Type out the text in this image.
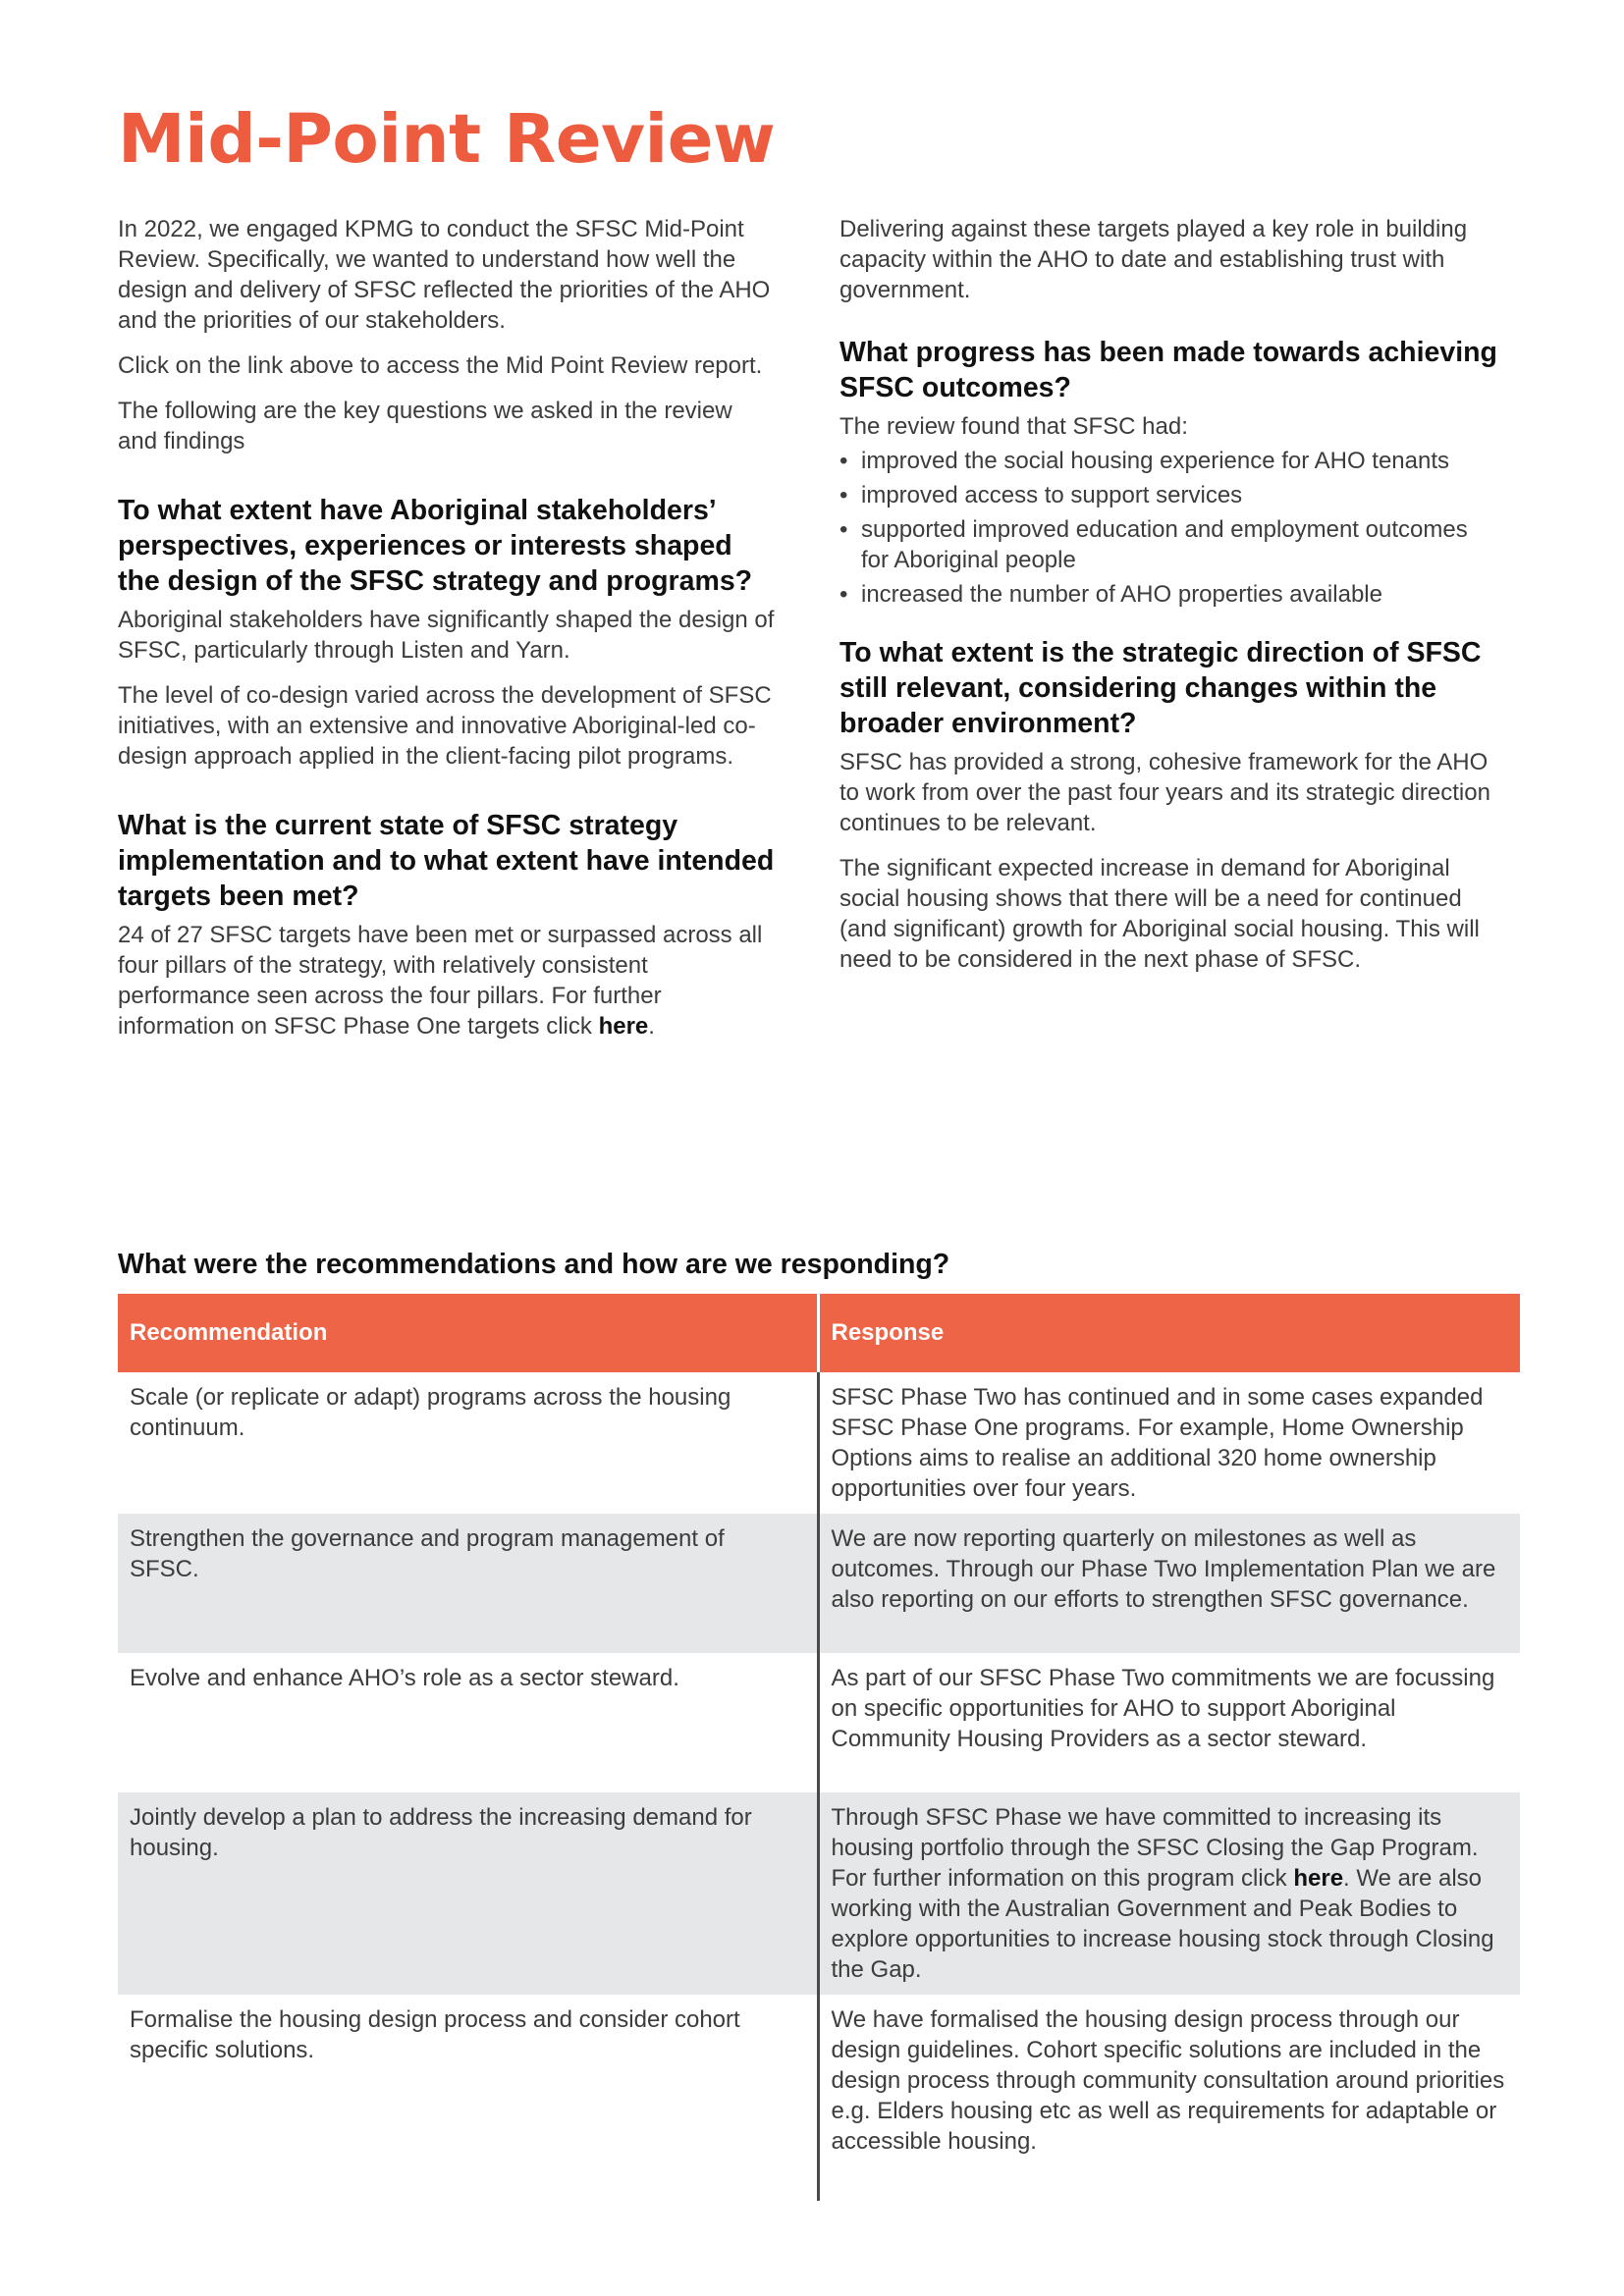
Mid-Point Review

In 2022, we engaged KPMG to conduct the SFSC Mid-Point Review. Specifically, we wanted to understand how well the design and delivery of SFSC reflected the priorities of the AHO and the priorities of our stakeholders.

Click on the link above to access the Mid Point Review report.

The following are the key questions we asked in the review and findings

To what extent have Aboriginal stakeholders’ perspectives, experiences or interests shaped the design of the SFSC strategy and programs?

Aboriginal stakeholders have significantly shaped the design of SFSC, particularly through Listen and Yarn.

The level of co-design varied across the development of SFSC initiatives, with an extensive and innovative Aboriginal-led co-design approach applied in the client-facing pilot programs.

What is the current state of SFSC strategy implementation and to what extent have intended targets been met?

24 of 27 SFSC targets have been met or surpassed across all four pillars of the strategy, with relatively consistent performance seen across the four pillars. For further information on SFSC Phase One targets click here.

Delivering against these targets played a key role in building capacity within the AHO to date and establishing trust with government.

What progress has been made towards achieving SFSC outcomes?

The review found that SFSC had:

• improved the social housing experience for AHO tenants
• improved access to support services
• supported improved education and employment outcomes for Aboriginal people
• increased the number of AHO properties available
To what extent is the strategic direction of SFSC still relevant, considering changes within the broader environment?

SFSC has provided a strong, cohesive framework for the AHO to work from over the past four years and its strategic direction continues to be relevant.

The significant expected increase in demand for Aboriginal social housing shows that there will be a need for continued (and significant) growth for Aboriginal social housing. This will need to be considered in the next phase of SFSC.

What were the recommendations and how are we responding?
Recommendation	Response
Scale (or replicate or adapt) programs across the housing continuum.	SFSC Phase Two has continued and in some cases expanded SFSC Phase One programs. For example, Home Ownership Options aims to realise an additional 320 home ownership opportunities over four years.
Strengthen the governance and program management of SFSC.	We are now reporting quarterly on milestones as well as outcomes. Through our Phase Two Implementation Plan we are also reporting on our efforts to strengthen SFSC governance.
Evolve and enhance AHO’s role as a sector steward.	As part of our SFSC Phase Two commitments we are focussing on specific opportunities for AHO to support Aboriginal Community Housing Providers as a sector steward.
Jointly develop a plan to address the increasing demand for housing.	Through SFSC Phase we have committed to increasing its housing portfolio through the SFSC Closing the Gap Program. For further information on this program click here. We are also working with the Australian Government and Peak Bodies to explore opportunities to increase housing stock through Closing the Gap.
Formalise the housing design process and consider cohort specific solutions.	We have formalised the housing design process through our design guidelines. Cohort specific solutions are included in the design process through community consultation around priorities e.g. Elders housing etc as well as requirements for adaptable or accessible housing.
